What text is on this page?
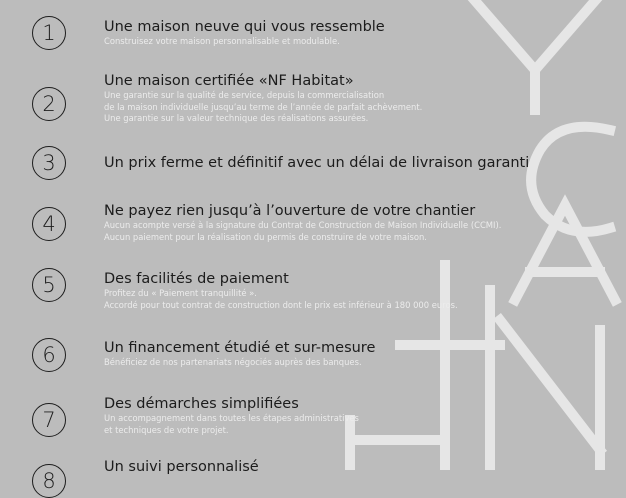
1	Une maison neuve qui vous ressemble
Construisez votre maison personnalisable et modulable.
2
Une maison certifiée «NF Habitat»
Une garantie sur la qualité de service, depuis la commercialisation
de la maison individuelle jusqu’au terme de l’année de parfait achèvement.
Une garantie sur la valeur technique des réalisations assurées.
3	Un prix ferme et définitif avec un délai de livraison garanti
4
Ne payez rien jusqu’à l’ouverture de votre chantier
Aucun acompte versé à la signature du Contrat de Construction de Maison Individuelle (CCMI).
Aucun paiement pour la réalisation du permis de construire de votre maison.
5	Des facilités de paiement
Profitez du « Paiement tranquillité ».
Accordé pour tout contrat de construction dont le prix est inférieur à 180 000 euros.
6	Un financement étudié et sur-mesure
Bénéficiez de nos partenariats négociés auprès des banques.
7
Des démarches simplifiées
Un accompagnement dans toutes les étapes administratives
et techniques de votre projet.
8
Un suivi personnalisé
